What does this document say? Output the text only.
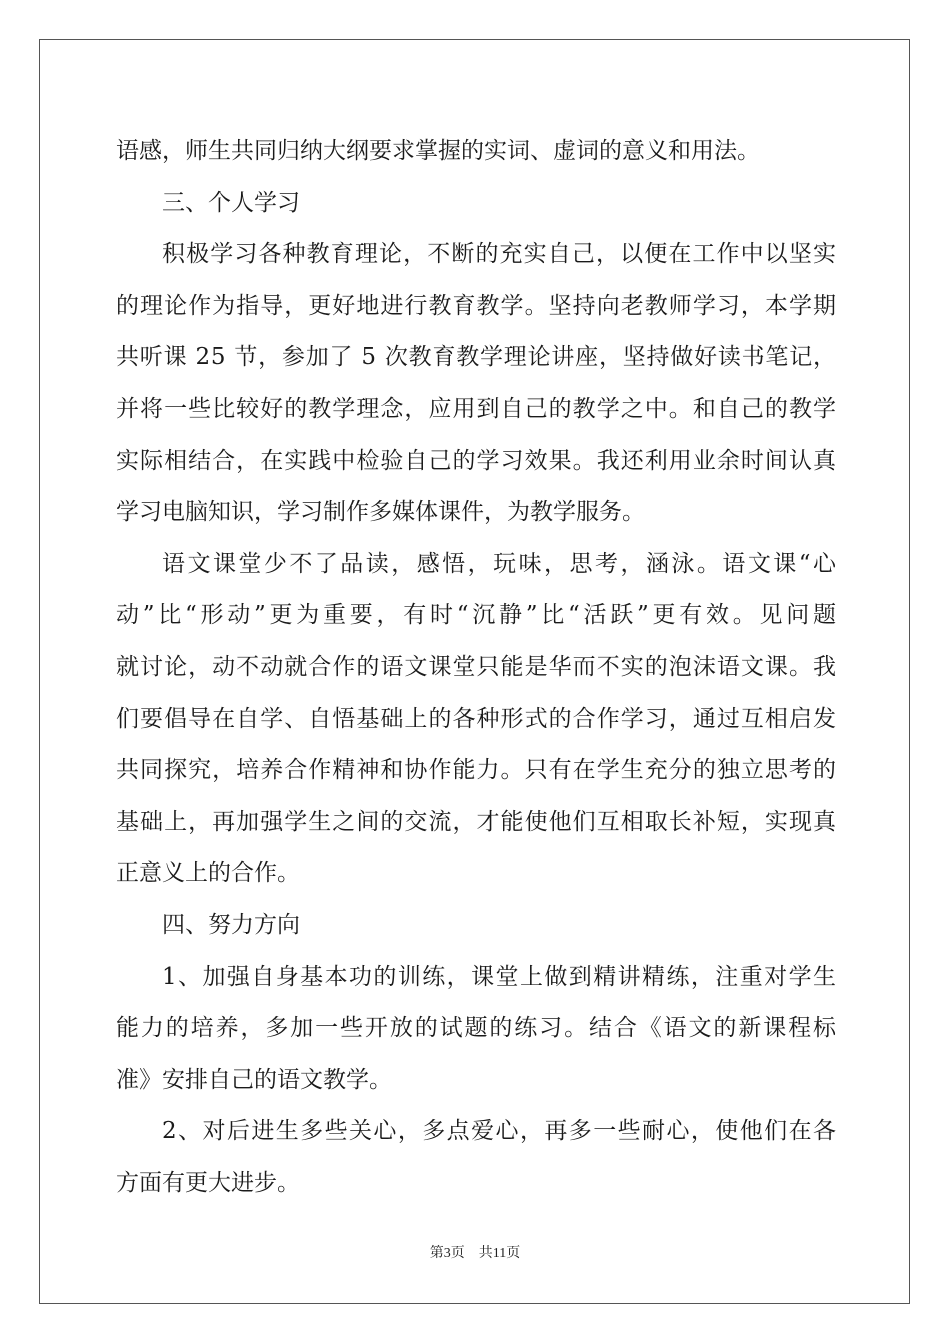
语感，师生共同归纳大纲要求掌握的实词、虚词的意义和用法。
三、个人学习
积极学习各种教育理论，不断的充实自己，以便在工作中以坚实
的理论作为指导，更好地进行教育教学。坚持向老教师学习，本学期
共听课 25 节，参加了 5 次教育教学理论讲座，坚持做好读书笔记，
并将一些比较好的教学理念，应用到自己的教学之中。和自己的教学
实际相结合，在实践中检验自己的学习效果。我还利用业余时间认真
学习电脑知识，学习制作多媒体课件，为教学服务。
语文课堂少不了品读，感悟，玩味，思考，涵泳。语文课“心
动”比“形动”更为重要，有时“沉静”比“活跃”更有效。见问题
就讨论，动不动就合作的语文课堂只能是华而不实的泡沫语文课。我
们要倡导在自学、自悟基础上的各种形式的合作学习，通过互相启发
共同探究，培养合作精神和协作能力。只有在学生充分的独立思考的
基础上，再加强学生之间的交流，才能使他们互相取长补短，实现真
正意义上的合作。
四、努力方向
1、加强自身基本功的训练，课堂上做到精讲精练，注重对学生
能力的培养，多加一些开放的试题的练习。结合《语文的新课程标
准》安排自己的语文教学。
2、对后进生多些关心，多点爱心，再多一些耐心，使他们在各
方面有更大进步。
第3页 共11页
